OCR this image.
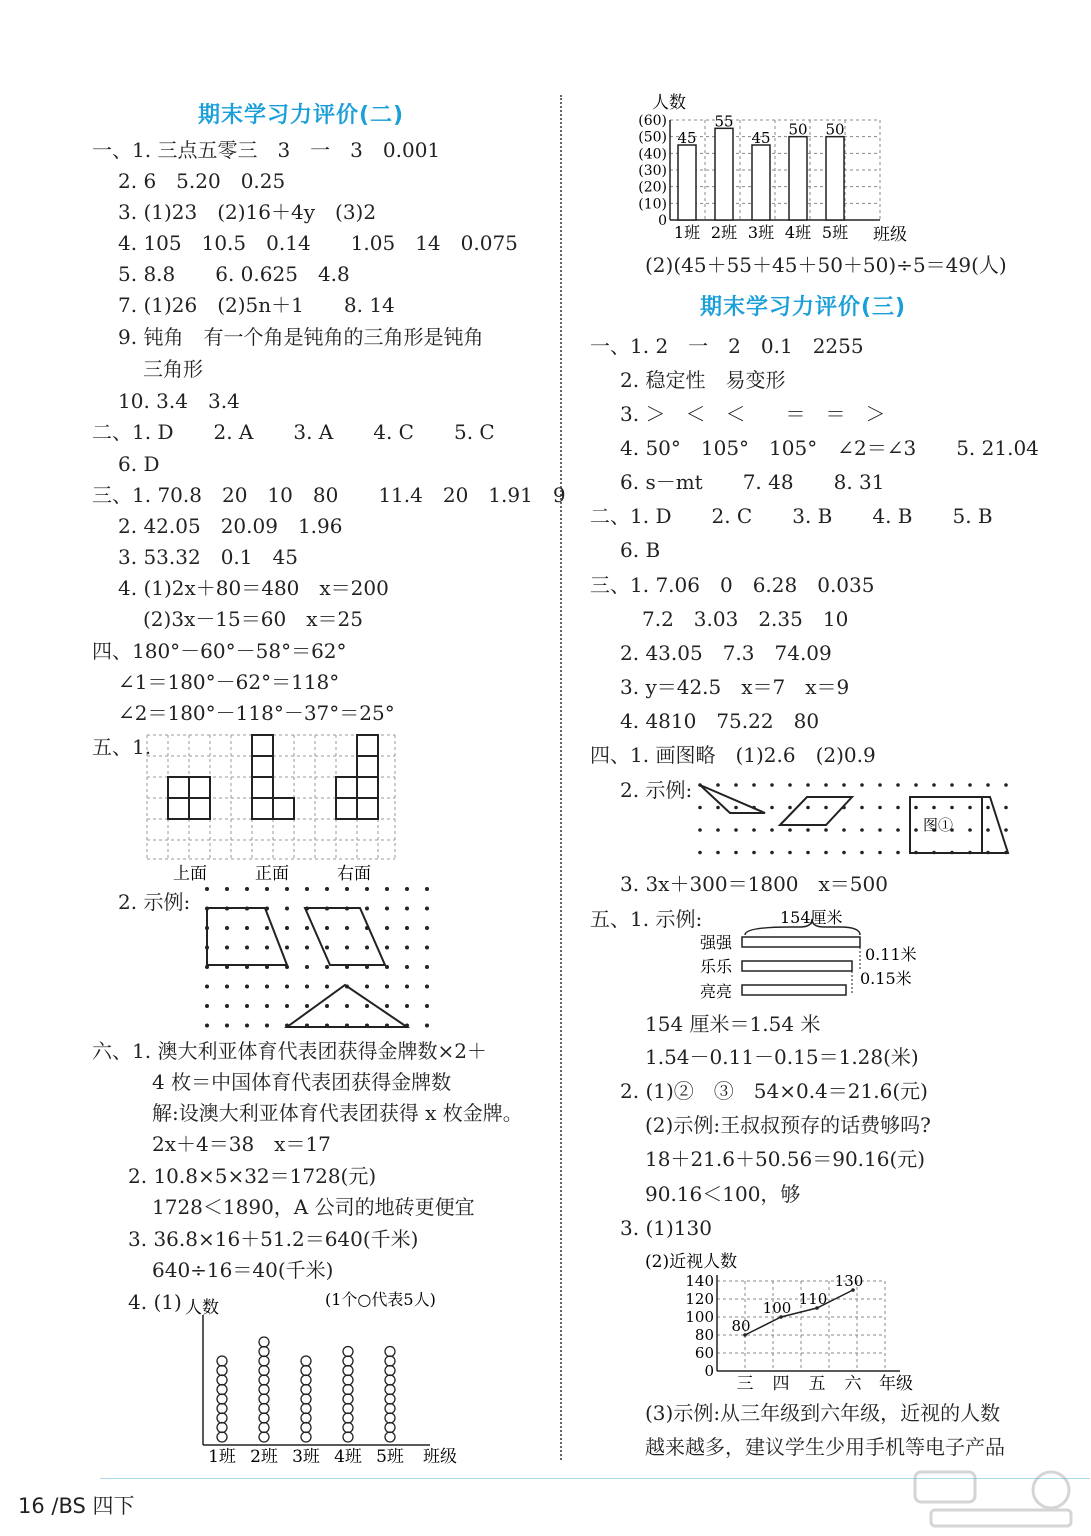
期末学习力评价(二)
期末学习力评价(三)
一、1. 三点五零三　3　一　3　0.001
2. 6　5.20　0.25
3. (1)23　(2)16＋4y　(3)2
4. 105　10.5　0.14　　1.05　14　0.075
5. 8.8　　6. 0.625　4.8
7. (1)26　(2)5n＋1　　8. 14
9. 钝角　有一个角是钝角的三角形是钝角
三角形
10. 3.4　3.4
二、1. D　　2. A　　3. A　　4. C　　5. C
6. D
三、1. 70.8　20　10　80　　11.4　20　1.91　9
2. 42.05　20.09　1.96
3. 53.32　0.1　45
4. (1)2x＋80＝480　x＝200
(2)3x－15＝60　x＝25
四、180°－60°－58°＝62°
∠1＝180°－62°＝118°
∠2＝180°－118°－37°＝25°
五、1.
上面	正面	右面
2. 示例:
六、1. 澳大利亚体育代表团获得金牌数×2＋
4 枚＝中国体育代表团获得金牌数
解:设澳大利亚体育代表团获得 x 枚金牌。
2x＋4＝38　x＝17
2. 10.8×5×32＝1728(元)
1728＜1890，A 公司的地砖更便宜
3. 36.8×16＋51.2＝640(千米)
640÷16＝40(千米)
4. (1) 人数	(1个○代表5人)
1班 2班 3班 4班 5班 班级
人数
0
(10)
(20)
(30)
(40)
(50)
(60)
45
1班
55
2班
45
3班
50
4班
50
5班 班级
(2)(45＋55＋45＋50＋50)÷5＝49(人)
一、1. 2　一　2　0.1　2255
2. 稳定性　易变形
3. ＞　＜　＜　　＝　＝　＞
4. 50°　105°　105°　∠2＝∠3　　5. 21.04
6. s－mt　　7. 48　　8. 31
二、1. D　　2. C　　3. B　　4. B　　5. B
6. B
三、1. 7.06　0　6.28　0.035
7.2　3.03　2.35　10
2. 43.05　7.3　74.09
3. y＝42.5　x＝7　x＝9
4. 4810　75.22　80
四、1. 画图略　(1)2.6　(2)0.9
2. 示例:
图①
3. 3x＋300＝1800　x＝500
五、1. 示例:	154厘米
强强
0.11米
乐乐
0.15米
亮亮
154 厘米＝1.54 米
1.54－0.11－0.15＝1.28(米)
2. (1)②　③　54×0.4＝21.6(元)
(2)示例:王叔叔预存的话费够吗?
18＋21.6＋50.56＝90.16(元)
90.16＜100，够
3. (1)130
(2)近视人数
0
60
80
100
120
140
80
三
100
四
110
五
130
六 年级
(3)示例:从三年级到六年级，近视的人数
越来越多，建议学生少用手机等电子产品
16 /BS 四下
